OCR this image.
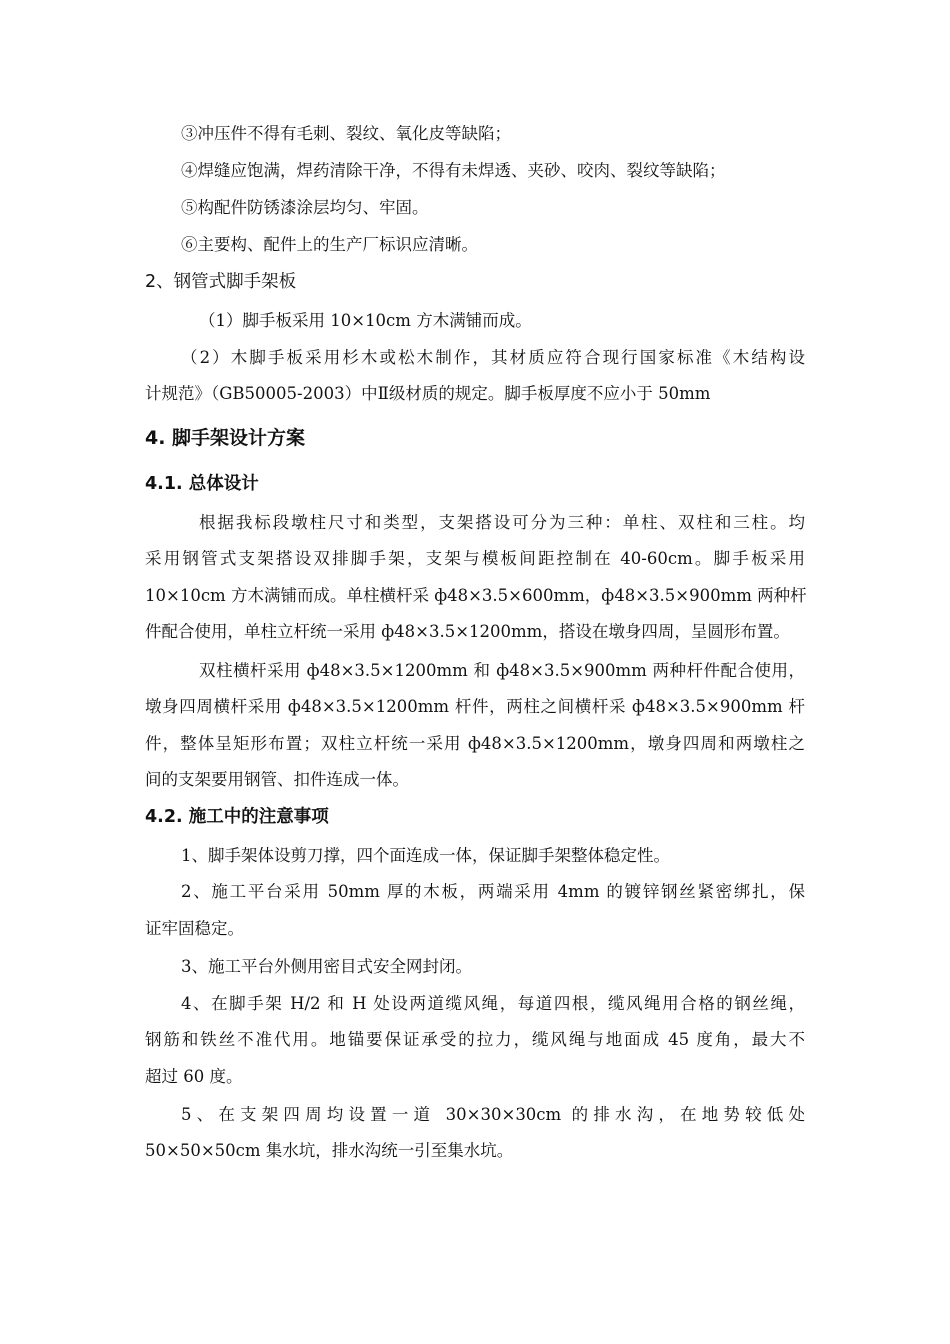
③冲压件不得有毛刺、裂纹、氧化皮等缺陷；

④焊缝应饱满，焊药清除干净，不得有未焊透、夹砂、咬肉、裂纹等缺陷；

⑤构配件防锈漆涂层均匀、牢固。

⑥主要构、配件上的生产厂标识应清晰。

2、钢管式脚手架板

（1）脚手板采用 10×10cm 方木满铺而成。

（2）木脚手板采用杉木或松木制作，其材质应符合现行国家标准《木结构设

计规范》（GB50005-2003）中Ⅱ级材质的规定。脚手板厚度不应小于 50mm

4. 脚手架设计方案

4.1. 总体设计

根据我标段墩柱尺寸和类型，支架搭设可分为三种：单柱、双柱和三柱。均

采用钢管式支架搭设双排脚手架，支架与模板间距控制在 40-60cm。脚手板采用

10×10cm 方木满铺而成。单柱横杆采 ф48×3.5×600mm，ф48×3.5×900mm 两种杆

件配合使用，单柱立杆统一采用 ф48×3.5×1200mm，搭设在墩身四周，呈圆形布置。

双柱横杆采用 ф48×3.5×1200mm 和 ф48×3.5×900mm 两种杆件配合使用，

墩身四周横杆采用 ф48×3.5×1200mm 杆件，两柱之间横杆采 ф48×3.5×900mm 杆

件，整体呈矩形布置；双柱立杆统一采用 ф48×3.5×1200mm，墩身四周和两墩柱之

间的支架要用钢管、扣件连成一体。

4.2. 施工中的注意事项

1、脚手架体设剪刀撑，四个面连成一体，保证脚手架整体稳定性。

2、施工平台采用 50mm 厚的木板，两端采用 4mm 的镀锌钢丝紧密绑扎，保

证牢固稳定。

3、施工平台外侧用密目式安全网封闭。

4、在脚手架 H/2 和 H 处设两道缆风绳，每道四根，缆风绳用合格的钢丝绳，

钢筋和铁丝不准代用。地锚要保证承受的拉力，缆风绳与地面成 45 度角，最大不

超过 60 度。

5、在支架四周均设置一道 30×30×30cm 的排水沟，在地势较低处

50×50×50cm 集水坑，排水沟统一引至集水坑。
